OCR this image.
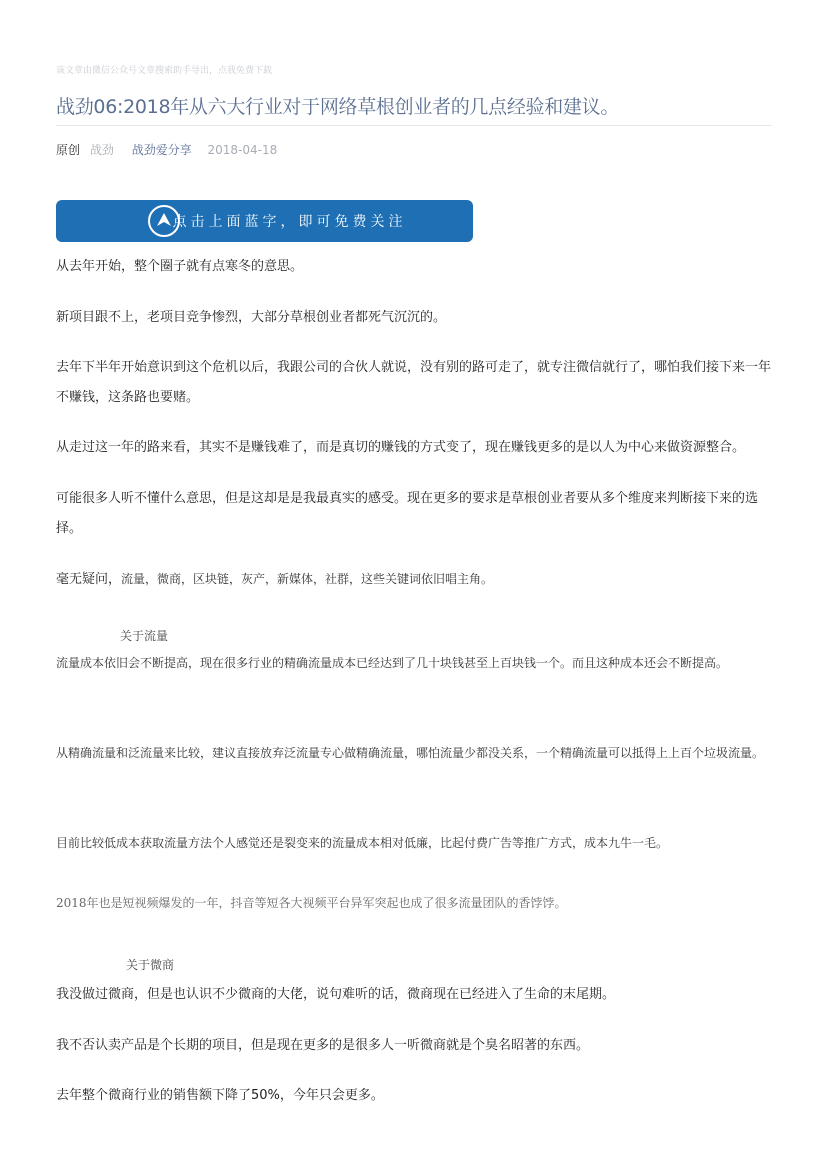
该文章由微信公众号文章搜索助手导出，点我免费下载
战劲06:2018年从六大行业对于网络草根创业者的几点经验和建议。
原创 战劲 战劲爱分享 2018-04-18
点击上面蓝字，即可免费关注
从去年开始，整个圈子就有点寒冬的意思。
新项目跟不上，老项目竞争惨烈，大部分草根创业者都死气沉沉的。
去年下半年开始意识到这个危机以后，我跟公司的合伙人就说，没有别的路可走了，就专注微信就行了，哪怕我们接下来一年不赚钱，这条路也要赌。
从走过这一年的路来看，其实不是赚钱难了，而是真切的赚钱的方式变了，现在赚钱更多的是以人为中心来做资源整合。
可能很多人听不懂什么意思，但是这却是是我最真实的感受。现在更多的要求是草根创业者要从多个维度来判断接下来的选择。
毫无疑问，流量，微商，区块链，灰产，新媒体，社群，这些关键词依旧唱主角。
关于流量
流量成本依旧会不断提高，现在很多行业的精确流量成本已经达到了几十块钱甚至上百块钱一个。而且这种成本还会不断提高。
从精确流量和泛流量来比较，建议直接放弃泛流量专心做精确流量，哪怕流量少都没关系，一个精确流量可以抵得上上百个垃圾流量。
目前比较低成本获取流量方法个人感觉还是裂变来的流量成本相对低廉，比起付费广告等推广方式，成本九牛一毛。
2018年也是短视频爆发的一年，抖音等短各大视频平台异军突起也成了很多流量团队的香饽饽。
关于微商
我没做过微商，但是也认识不少微商的大佬，说句难听的话，微商现在已经进入了生命的末尾期。
我不否认卖产品是个长期的项目，但是现在更多的是很多人一听微商就是个臭名昭著的东西。
去年整个微商行业的销售额下降了50%，今年只会更多。
